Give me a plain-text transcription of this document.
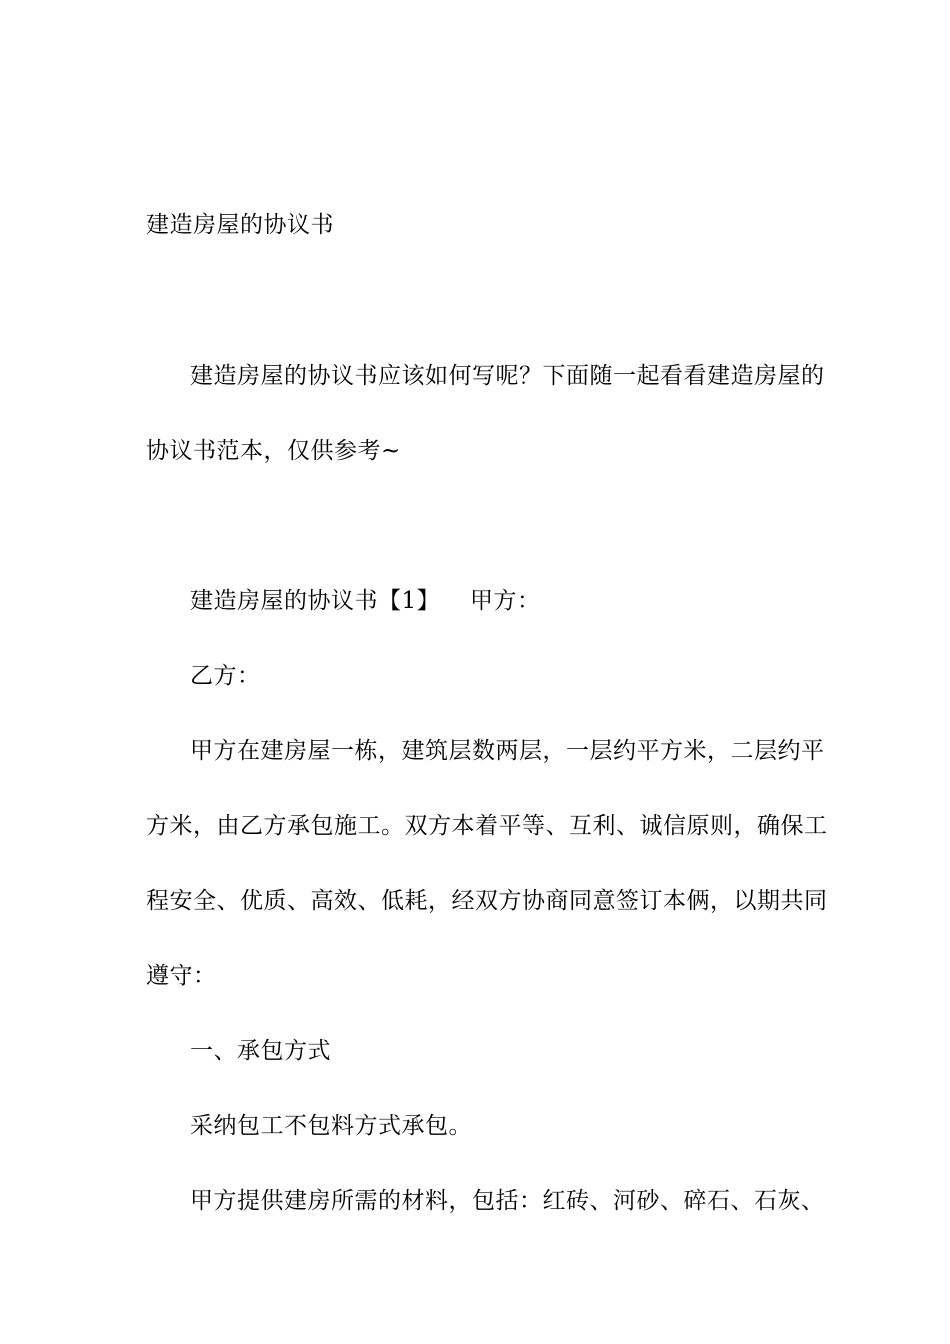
建造房屋的协议书
建造房屋的协议书应该如何写呢？下面随一起看看建造房屋的
协议书范本，仅供参考~
建造房屋的协议书【1】 甲方：
乙方：
甲方在建房屋一栋，建筑层数两层，一层约平方米，二层约平
方米，由乙方承包施工。双方本着平等、互利、诚信原则，确保工
程安全、优质、高效、低耗，经双方协商同意签订本俩，以期共同
遵守：
一、承包方式
采纳包工不包料方式承包。
甲方提供建房所需的材料，包括：红砖、河砂、碎石、石灰、
